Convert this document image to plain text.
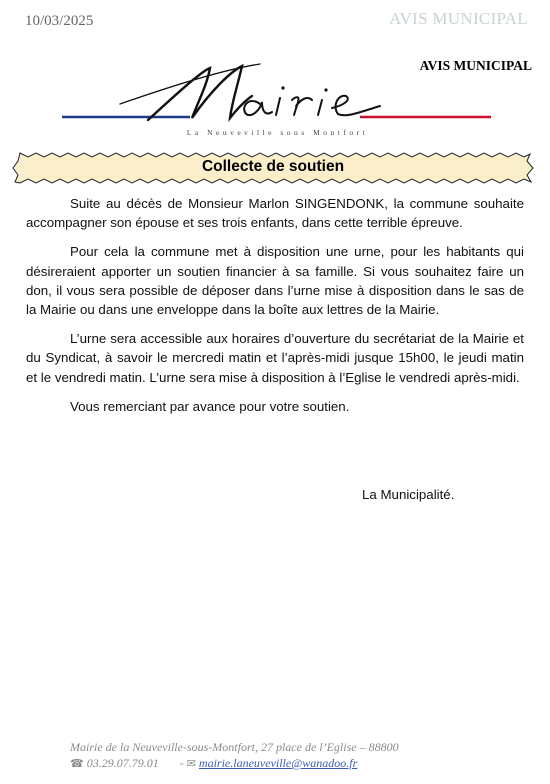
10/03/2025	AVIS MUNICIPAL
AVIS MUNICIPAL
La Neuveville sous Montfort
Collecte de soutien

Suite au décès de Monsieur Marlon SINGENDONK, la commune souhaite accompagner son épouse et ses trois enfants, dans cette terrible épreuve.

Pour cela la commune met à disposition une urne, pour les habitants qui désireraient apporter un soutien financier à sa famille. Si vous souhaitez faire un don, il vous sera possible de déposer dans l’urne mise à disposition dans le sas de la Mairie ou dans une enveloppe dans la boîte aux lettres de la Mairie.

L’urne sera accessible aux horaires d’ouverture du secrétariat de la Mairie et du Syndicat, à savoir le mercredi matin et l’après-midi jusque 15h00, le jeudi matin et le vendredi matin. L’urne sera mise à disposition à l’Eglise le vendredi après-midi.

Vous remerciant par avance pour votre soutien.

La Municipalité.
Mairie de la Neuveville-sous-Montfort, 27 place de l’Eglise – 88800
☎ 03.29.07.79.01 - ✉ mairie.laneuveville@wanadoo.fr
